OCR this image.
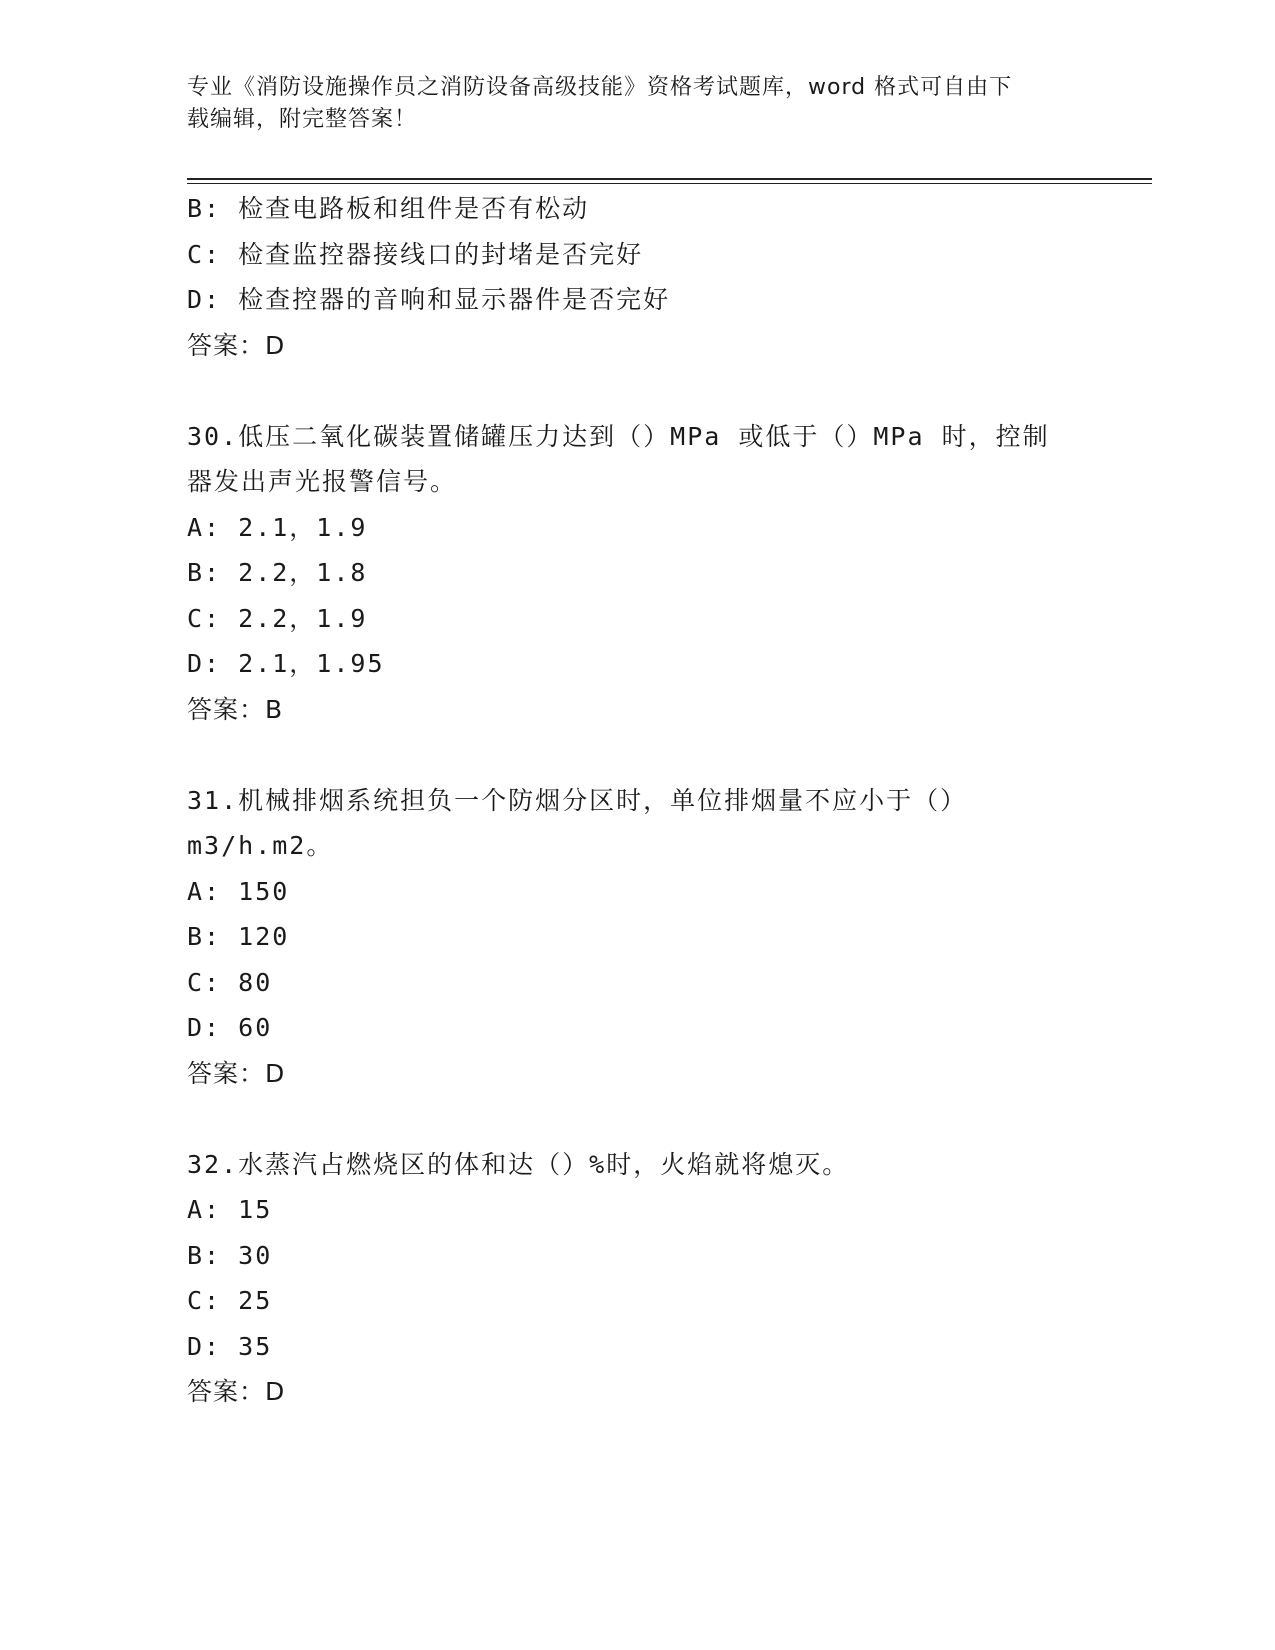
专业《消防设施操作员之消防设备高级技能》资格考试题库，word 格式可自由下
载编辑，附完整答案！
B: 检查电路板和组件是否有松动
C: 检查监控器接线口的封堵是否完好
D: 检查控器的音响和显示器件是否完好
答案：D
30.低压二氧化碳装置储罐压力达到（）MPa 或低于（）MPa 时，控制
器发出声光报警信号。
A: 2.1，1.9
B: 2.2，1.8
C: 2.2，1.9
D: 2.1，1.95
答案：B
31.机械排烟系统担负一个防烟分区时，单位排烟量不应小于（）
m3/h.m2。
A: 150
B: 120
C: 80
D: 60
答案：D
32.水蒸汽占燃烧区的体和达（）%时，火焰就将熄灭。
A: 15
B: 30
C: 25
D: 35
答案：D
